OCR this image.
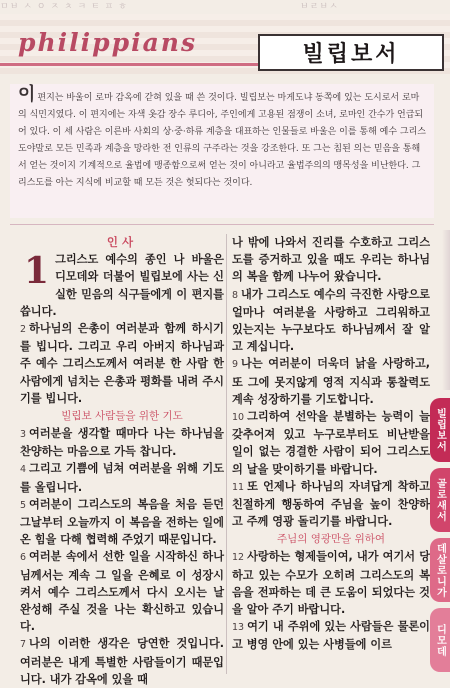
ㅁㅂ ㅅ ㅇ ㅈ ㅊ ㅋ ㅌ ㅍ ㅎ	ㅂㄹㅂㅅ
philippians	빌립보서
이편지는 바울이 로마 감옥에 갇혀 있을 때 쓴 것이다. 빌립보는 마게도냐 동쪽에 있는 도시로서 로마의 식민지였다. 이 편지에는 자색 옷감 장수 루디아, 주인에게 고용된 점쟁이 소녀, 로마인 간수가 언급되어 있다. 이 세 사람은 이른바 사회의 상·중·하류 계층을 대표하는 인물들로 바울은 이를 통해 예수 그리스도야말로 모든 민족과 계층을 망라한 전 인류의 구주라는 것을 강조한다. 또 그는 침된 의는 믿음을 통해서 얻는 것이지 기계적으로 율법에 맹종함으로써 얻는 것이 아니라고 율법주의의 맹목성을 비난한다. 그리스도를 아는 지식에 비교할 때 모든 것은 헛되다는 것이다.
인사

1 그리스도 예수의 종인 나 바울은 디모데와 더불어 빌립보에 사는 신실한 믿음의 식구들에게 이 편지를 씁니다.

2 하나님의 은총이 여러분과 함께 하시기를 빕니다. 그리고 우리 아버지 하나님과 주 예수 그리스도께서 여러분 한 사람 한 사람에게 넘치는 은총과 평화를 내려 주시기를 빕니다.

빌립보 사람들을 위한 기도

3 여러분을 생각할 때마다 나는 하나님을 찬양하는 마음으로 가득 찹니다.

4 그리고 기쁨에 넘쳐 여러분을 위해 기도를 올립니다.

5 여러분이 그리스도의 복음을 처음 듣던 그날부터 오늘까지 이 복음을 전하는 일에 온 힘을 다해 협력해 주었기 때문입니다.

6 여러분 속에서 선한 일을 시작하신 하나님께서는 계속 그 일을 은혜로 이 성장시켜서 예수 그리스도께서 다시 오시는 날 완성해 주실 것을 나는 확신하고 있습니다.

7 나의 이러한 생각은 당연한 것입니다. 여러분은 내게 특별한 사람들이기 때문입니다. 내가 감옥에 있을 때

나 밖에 나와서 진리를 수호하고 그리스도를 증거하고 있을 때도 우리는 하나님의 복을 함께 나누어 왔습니다.

8 내가 그리스도 예수의 극진한 사랑으로 얼마나 여러분을 사랑하고 그리워하고 있는지는 누구보다도 하나님께서 잘 알고 계십니다.

9 나는 여러분이 더욱더 낡을 사랑하고, 또 그에 못지않게 영적 지식과 통찰력도 계속 성장하기를 기도합니다.

10 그리하여 선악을 분별하는 능력이 늘 갖추어져 있고 누구로부터도 비난받을 일이 없는 경결한 사람이 되어 그리스도의 날을 맞이하기를 바랍니다.

11 또 언제나 하나님의 자녀답게 착하고 친절하게 행동하여 주님을 높이 찬양하고 주께 영광 돌리기를 바랍니다.

주님의 영광만을 위하여

12 사랑하는 형제들이여, 내가 여기서 당하고 있는 수모가 오히려 그리스도의 복음을 전파하는 데 큰 도움이 되었다는 것을 알아 주기 바랍니다.

13 여기 내 주위에 있는 사람들은 물론이고 병영 안에 있는 사병들에 이르

빌립보서
골로새서
데살로니가
디모데
